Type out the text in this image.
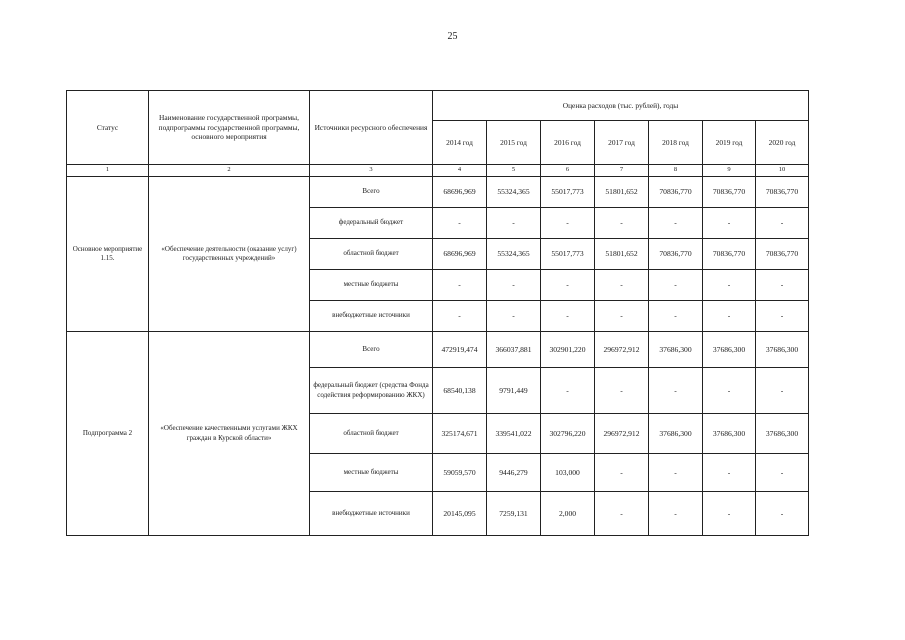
25
Статус	Наименование государственной программы, подпрограммы государственной программы, основного мероприятия	Источники ресурсного обеспечения	Оценка расходов (тыс. рублей), годы						
			2014 год	2015 год	2016 год	2017 год	2018 год	2019 год	2020 год
1	2	3	4	5	6	7	8	9	10
Основное мероприятие 1.15.	«Обеспечение деятельности (оказание услуг) государственных учреждений»	Всего	68696,969	55324,365	55017,773	51801,652	70836,770	70836,770	70836,770
		федеральный бюджет	-	-	-	-	-	-	-
		областной бюджет	68696,969	55324,365	55017,773	51801,652	70836,770	70836,770	70836,770
		местные бюджеты	-	-	-	-	-	-	-
		внебюджетные источники	-	-	-	-	-	-	-
Подпрограмма 2	«Обеспечение качественными услугами ЖКХ граждан в Курской области»	Всего	472919,474	366037,881	302901,220	296972,912	37686,300	37686,300	37686,300
		федеральный бюджет (средства Фонда содействия реформированию ЖКХ)	68540,138	9791,449	-	-	-	-	-
		областной бюджет	325174,671	339541,022	302796,220	296972,912	37686,300	37686,300	37686,300
		местные бюджеты	59059,570	9446,279	103,000	-	-	-	-
		внебюджетные источники	20145,095	7259,131	2,000	-	-	-	-
